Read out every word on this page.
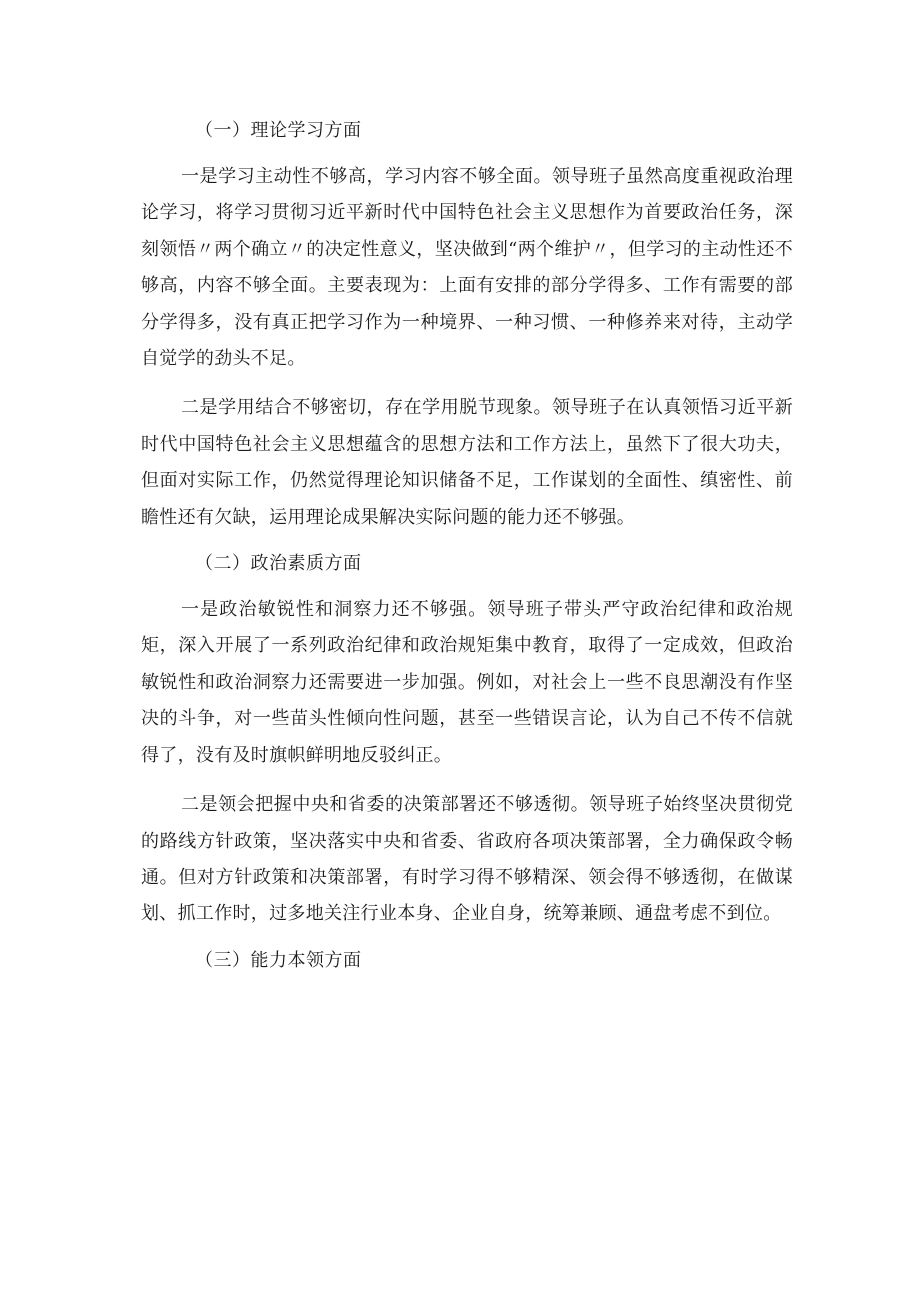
（一）理论学习方面

一是学习主动性不够高，学习内容不够全面。领导班子虽然高度重视政治理论学习，将学习贯彻习近平新时代中国特色社会主义思想作为首要政治任务，深刻领悟〃两个确立〃的决定性意义，坚决做到“两个维护〃，但学习的主动性还不够高，内容不够全面。主要表现为：上面有安排的部分学得多、工作有需要的部分学得多，没有真正把学习作为一种境界、一种习惯、一种修养来对待，主动学自觉学的劲头不足。

二是学用结合不够密切，存在学用脱节现象。领导班子在认真领悟习近平新时代中国特色社会主义思想蕴含的思想方法和工作方法上，虽然下了很大功夫，但面对实际工作，仍然觉得理论知识储备不足，工作谋划的全面性、缜密性、前瞻性还有欠缺，运用理论成果解决实际问题的能力还不够强。

（二）政治素质方面

一是政治敏锐性和洞察力还不够强。领导班子带头严守政治纪律和政治规矩，深入开展了一系列政治纪律和政治规矩集中教育，取得了一定成效，但政治敏锐性和政治洞察力还需要进一步加强。例如，对社会上一些不良思潮没有作坚决的斗争，对一些苗头性倾向性问题，甚至一些错误言论，认为自己不传不信就得了，没有及时旗帜鲜明地反驳纠正。

二是领会把握中央和省委的决策部署还不够透彻。领导班子始终坚决贯彻党的路线方针政策，坚决落实中央和省委、省政府各项决策部署，全力确保政令畅通。但对方针政策和决策部署，有时学习得不够精深、领会得不够透彻，在做谋划、抓工作时，过多地关注行业本身、企业自身，统筹兼顾、通盘考虑不到位。

（三）能力本领方面
